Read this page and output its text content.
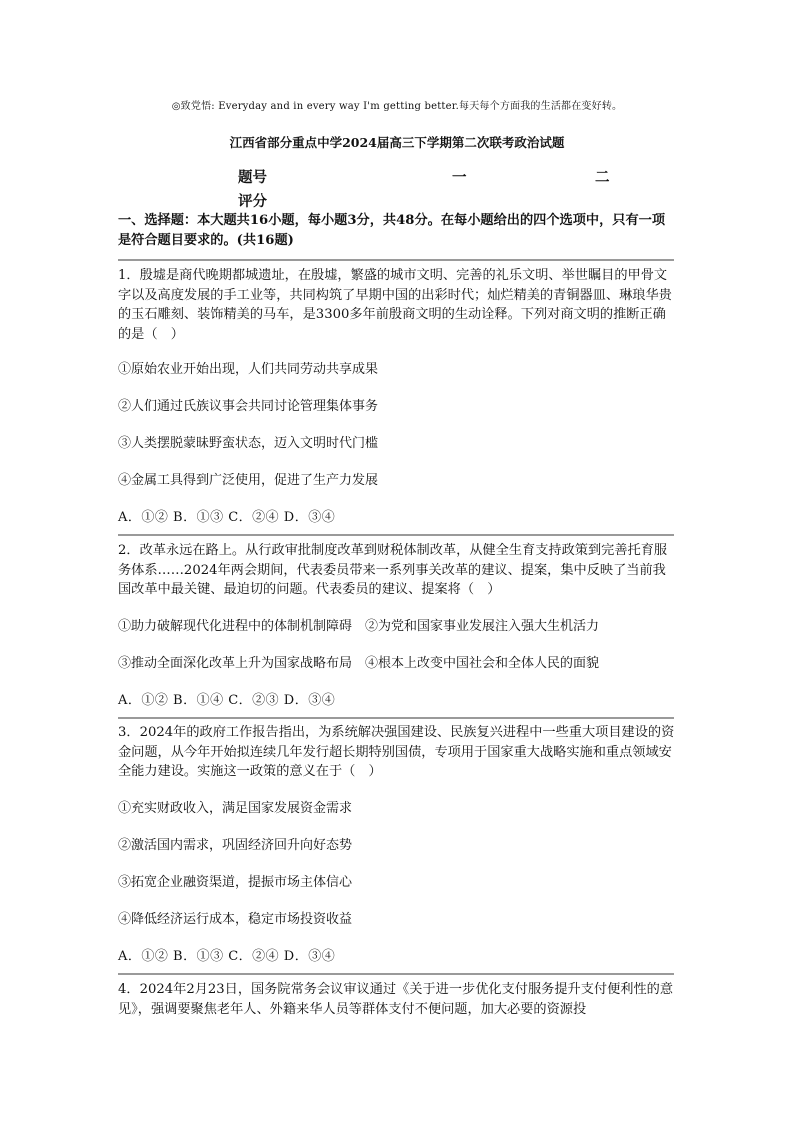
◎致党悟: Everyday and in every way I'm getting better.每天每个方面我的生活都在变好转。
江西省部分重点中学2024届高三下学期第二次联考政治试题
题号	一	二
评分
一、选择题：本大题共16小题，每小题3分，共48分。在每小题给出的四个选项中，只有一项是符合题目要求的。(共16题)
1．殷墟是商代晚期都城遗址，在殷墟，繁盛的城市文明、完善的礼乐文明、举世瞩目的甲骨文字以及高度发展的手工业等，共同构筑了早期中国的出彩时代；灿烂精美的青铜器皿、琳琅华贵的玉石雕刻、装饰精美的马车，是3300多年前殷商文明的生动诠释。下列对商文明的推断正确的是（　）
①原始农业开始出现，人们共同劳动共享成果
②人们通过氏族议事会共同讨论管理集体事务
③人类摆脱蒙昧野蛮状态，迈入文明时代门槛
④金属工具得到广泛使用，促进了生产力发展
A．①② B．①③ C．②④ D．③④
2．改革永远在路上。从行政审批制度改革到财税体制改革，从健全生育支持政策到完善托育服务体系……2024年两会期间，代表委员带来一系列事关改革的建议、提案，集中反映了当前我国改革中最关键、最迫切的问题。代表委员的建议、提案将（　）
①助力破解现代化进程中的体制机制障碍　②为党和国家事业发展注入强大生机活力
③推动全面深化改革上升为国家战略布局　④根本上改变中国社会和全体人民的面貌
A．①② B．①④ C．②③ D．③④
3．2024年的政府工作报告指出，为系统解决强国建设、民族复兴进程中一些重大项目建设的资金问题，从今年开始拟连续几年发行超长期特别国债，专项用于国家重大战略实施和重点领域安全能力建设。实施这一政策的意义在于（　）
①充实财政收入，满足国家发展资金需求
②激活国内需求，巩固经济回升向好态势
③拓宽企业融资渠道，提振市场主体信心
④降低经济运行成本，稳定市场投资收益
A．①② B．①③ C．②④ D．③④
4．2024年2月23日，国务院常务会议审议通过《关于进一步优化支付服务提升支付便利性的意见》，强调要聚焦老年人、外籍来华人员等群体支付不便问题，加大必要的资源投
